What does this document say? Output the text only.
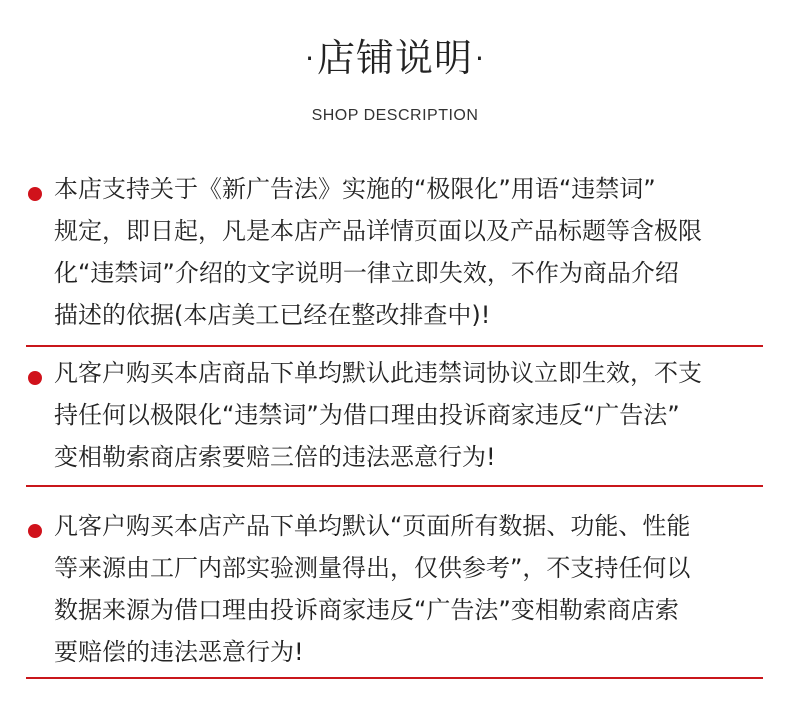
·店铺说明·
SHOP DESCRIPTION
本店支持关于《新广告法》实施的“极限化”用语“违禁词”
规定，即日起，凡是本店产品详情页面以及产品标题等含极限
化“违禁词”介绍的文字说明一律立即失效，不作为商品介绍
描述的依据(本店美工已经在整改排查中)!
凡客户购买本店商品下单均默认此违禁词协议立即生效，不支
持任何以极限化“违禁词”为借口理由投诉商家违反“广告法”
变相勒索商店索要赔三倍的违法恶意行为!
凡客户购买本店产品下单均默认“页面所有数据、功能、性能
等来源由工厂内部实验测量得出，仅供参考”，不支持任何以
数据来源为借口理由投诉商家违反“广告法”变相勒索商店索
要赔偿的违法恶意行为!
